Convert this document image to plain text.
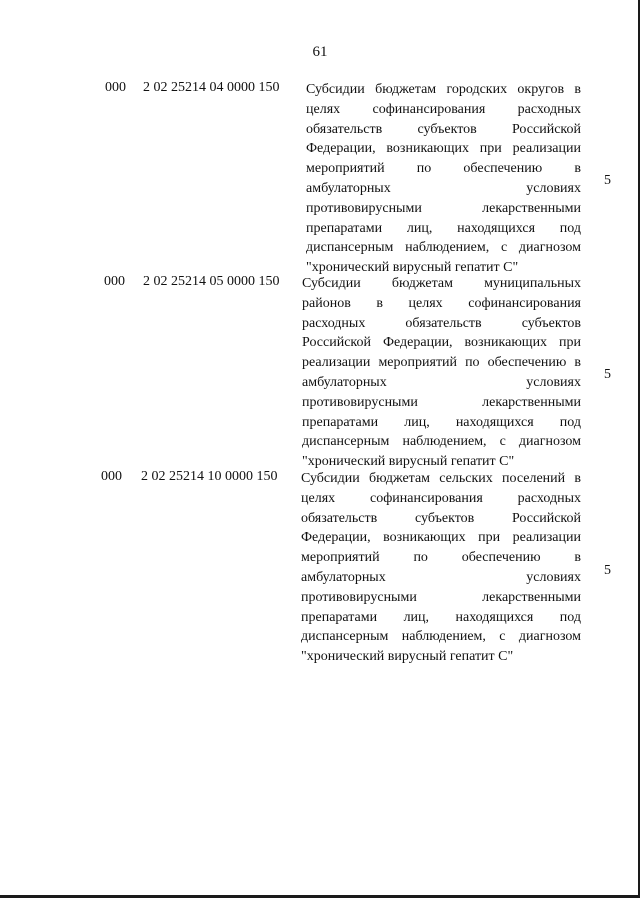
61
000 2 02 25214 04 0000 150 Субсидии бюджетам городских округов в
целях софинансирования расходных
обязательств субъектов Российской
Федерации, возникающих при реализации
мероприятий по обеспечению в
амбулаторных условиях
противовирусными лекарственными
препаратами лиц, находящихся под
диспансерным наблюдением, с диагнозом
"хронический вирусный гепатит С"
5
000 2 02 25214 05 0000 150 Субсидии бюджетам муниципальных
районов в целях софинансирования
расходных обязательств субъектов
Российской Федерации, возникающих при
реализации мероприятий по обеспечению в
амбулаторных условиях
противовирусными лекарственными
препаратами лиц, находящихся под
диспансерным наблюдением, с диагнозом
"хронический вирусный гепатит С"
5
000 2 02 25214 10 0000 150 Субсидии бюджетам сельских поселений в
целях софинансирования расходных
обязательств субъектов Российской
Федерации, возникающих при реализации
мероприятий по обеспечению в
амбулаторных условиях
противовирусными лекарственными
препаратами лиц, находящихся под
диспансерным наблюдением, с диагнозом
"хронический вирусный гепатит С"
5
